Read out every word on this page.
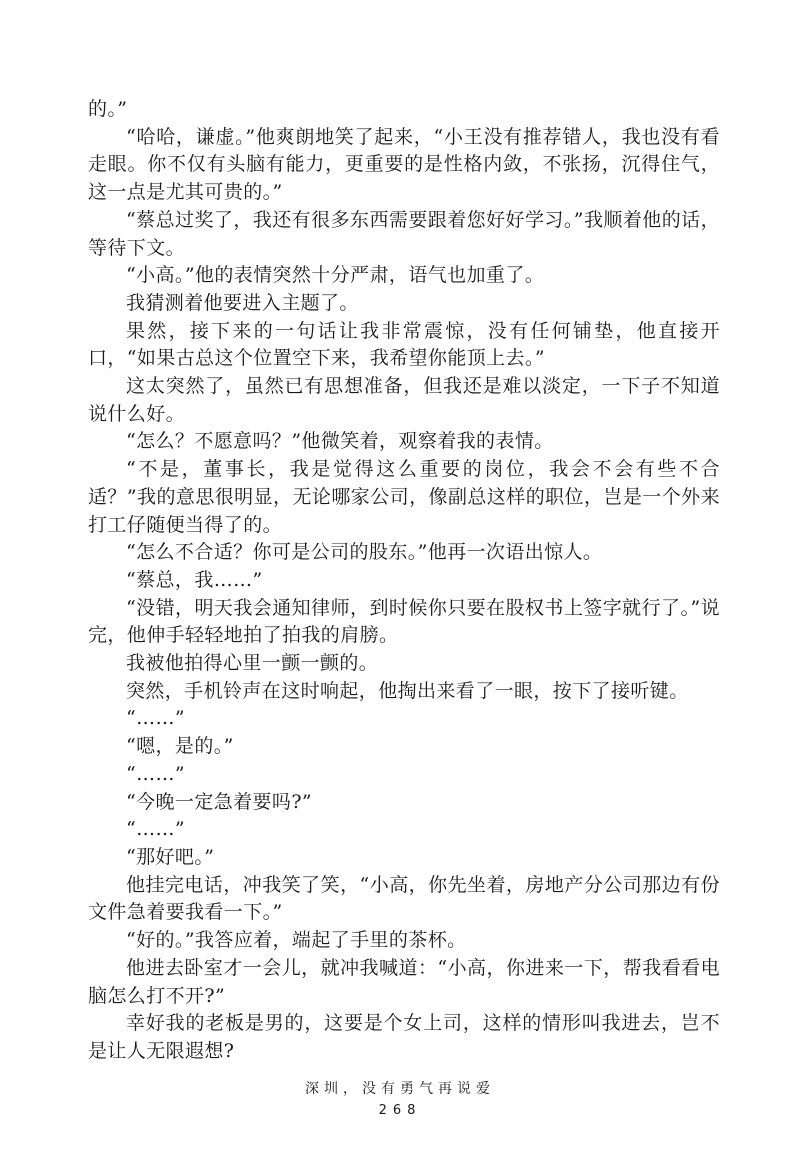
的。”

“哈哈，谦虚。”他爽朗地笑了起来，“小王没有推荐错人，我也没有看走眼。你不仅有头脑有能力，更重要的是性格内敛，不张扬，沉得住气，这一点是尤其可贵的。”

“蔡总过奖了，我还有很多东西需要跟着您好好学习。”我顺着他的话，等待下文。

“小高。”他的表情突然十分严肃，语气也加重了。

我猜测着他要进入主题了。

果然，接下来的一句话让我非常震惊，没有任何铺垫，他直接开口，“如果古总这个位置空下来，我希望你能顶上去。”

这太突然了，虽然已有思想准备，但我还是难以淡定，一下子不知道说什么好。

“怎么？不愿意吗？”他微笑着，观察着我的表情。

“不是，董事长，我是觉得这么重要的岗位，我会不会有些不合适？”我的意思很明显，无论哪家公司，像副总这样的职位，岂是一个外来打工仔随便当得了的。

“怎么不合适？你可是公司的股东。”他再一次语出惊人。

“蔡总，我……”

“没错，明天我会通知律师，到时候你只要在股权书上签字就行了。”说完，他伸手轻轻地拍了拍我的肩膀。

我被他拍得心里一颤一颤的。

突然，手机铃声在这时响起，他掏出来看了一眼，按下了接听键。

“……”

“嗯，是的。”

“……”

“今晚一定急着要吗?”

“……”

“那好吧。”

他挂完电话，冲我笑了笑，“小高，你先坐着，房地产分公司那边有份文件急着要我看一下。”

“好的。”我答应着，端起了手里的茶杯。

他进去卧室才一会儿，就冲我喊道：“小高，你进来一下，帮我看看电脑怎么打不开?”

幸好我的老板是男的，这要是个女上司，这样的情形叫我进去，岂不是让人无限遐想?

深圳，没有勇气再说爱
268
